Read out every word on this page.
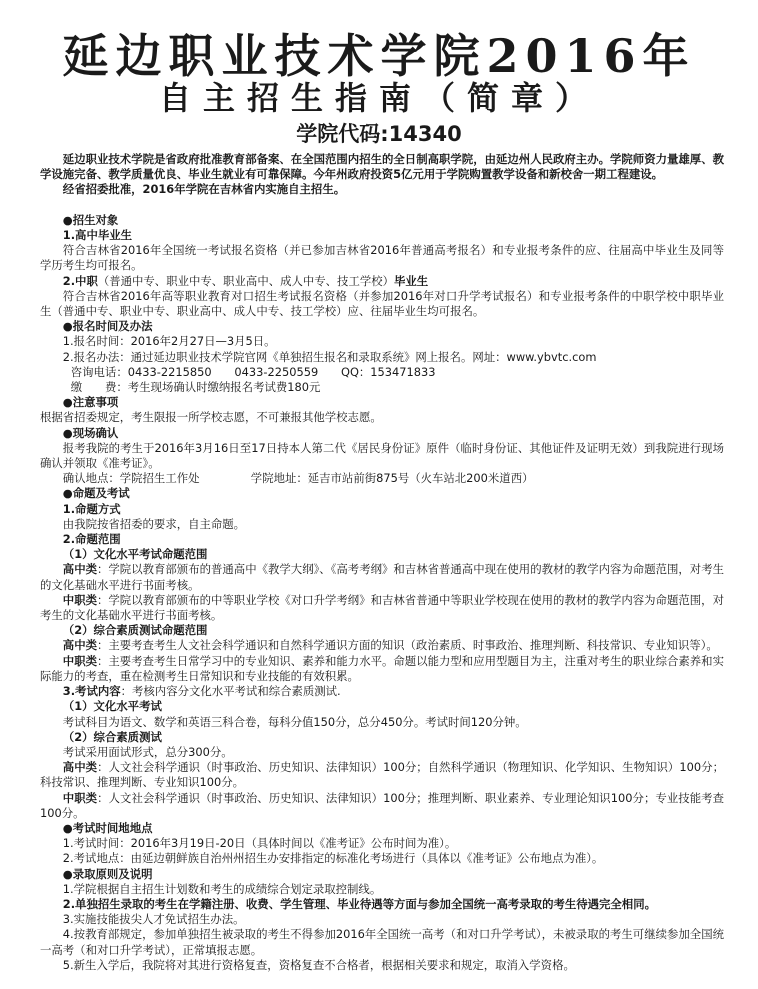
延边职业技术学院2016年
自主招生指南（简章）
学院代码:14340

延边职业技术学院是省政府批准教育部备案、在全国范围内招生的全日制高职学院，由延边州人民政府主办。学院师资力量雄厚、教学设施完备、教学质量优良、毕业生就业有可靠保障。今年州政府投资5亿元用于学院购置教学设备和新校舍一期工程建设。

经省招委批准，2016年学院在吉林省内实施自主招生。

●招生对象

1.高中毕业生

符合吉林省2016年全国统一考试报名资格（并已参加吉林省2016年普通高考报名）和专业报考条件的应、往届高中毕业生及同等学历考生均可报名。

2.中职（普通中专、职业中专、职业高中、成人中专、技工学校）毕业生

符合吉林省2016年高等职业教育对口招生考试报名资格（并参加2016年对口升学考试报名）和专业报考条件的中职学校中职毕业生（普通中专、职业中专、职业高中、成人中专、技工学校）应、往届毕业生均可报名。

●报名时间及办法

1.报名时间：2016年2月27日—3月5日。

2.报名办法：通过延边职业技术学院官网《单独招生报名和录取系统》网上报名。网址：www.ybvtc.com

咨询电话：0433-2215850 0433-2250559 QQ：153471833

缴 费：考生现场确认时缴纳报名考试费180元

●注意事项

根据省招委规定，考生限报一所学校志愿，不可兼报其他学校志愿。

●现场确认

报考我院的考生于2016年3月16日至17日持本人第二代《居民身份证》原件（临时身份证、其他证件及证明无效）到我院进行现场确认并领取《准考证》。

确认地点：学院招生工作处	学院地址：延吉市站前街875号（火车站北200米道西）

●命题及考试

1.命题方式

由我院按省招委的要求，自主命题。

2.命题范围

（1）文化水平考试命题范围

高中类：学院以教育部颁布的普通高中《教学大纲》、《高考考纲》和吉林省普通高中现在使用的教材的教学内容为命题范围，对考生的文化基础水平进行书面考核。

中职类：学院以教育部颁布的中等职业学校《对口升学考纲》和吉林省普通中等职业学校现在使用的教材的教学内容为命题范围，对考生的文化基础水平进行书面考核。

（2）综合素质测试命题范围

高中类：主要考查考生人文社会科学通识和自然科学通识方面的知识（政治素质、时事政治、推理判断、科技常识、专业知识等）。

中职类：主要考查考生日常学习中的专业知识、素养和能力水平。命题以能力型和应用型题目为主，注重对考生的职业综合素养和实际能力的考查，重在检测考生日常知识和专业技能的有效积累。

3.考试内容：考核内容分文化水平考试和综合素质测试.

（1）文化水平考试

考试科目为语文、数学和英语三科合卷，每科分值150分，总分450分。考试时间120分钟。

（2）综合素质测试

考试采用面试形式，总分300分。

高中类：人文社会科学通识（时事政治、历史知识、法律知识）100分；自然科学通识（物理知识、化学知识、生物知识）100分； 科技常识、推理判断、专业知识100分。

中职类：人文社会科学通识（时事政治、历史知识、法律知识）100分；推理判断、职业素养、专业理论知识100分；专业技能考查100分。

●考试时间地地点

1.考试时间：2016年3月19日-20日（具体时间以《准考证》公布时间为准）。

2.考试地点：由延边朝鲜族自治州州招生办安排指定的标准化考场进行（具体以《准考证》公布地点为准）。

●录取原则及说明

1.学院根据自主招生计划数和考生的成绩综合划定录取控制线。

2.单独招生录取的考生在学籍注册、收费、学生管理、毕业待遇等方面与参加全国统一高考录取的考生待遇完全相同。

3.实施技能拔尖人才免试招生办法。

4.按教育部规定，参加单独招生被录取的考生不得参加2016年全国统一高考（和对口升学考试），未被录取的考生可继续参加全国统一高考（和对口升学考试），正常填报志愿。

5.新生入学后，我院将对其进行资格复查，资格复查不合格者，根据相关要求和规定，取消入学资格。
